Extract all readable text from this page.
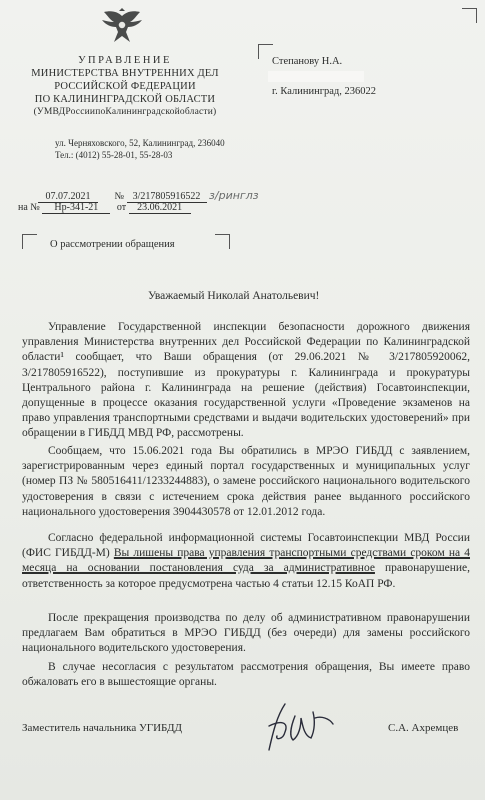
УПРАВЛЕНИЕ
МИНИСТЕРСТВА ВНУТРЕННИХ ДЕЛ
РОССИЙСКОЙ ФЕДЕРАЦИИ
ПО КАЛИНИНГРАДСКОЙ ОБЛАСТИ
(УМВДРоссиипоКалининградскойобласти)
ул. Черняховского, 52, Калининград, 236040
Тел.: (4012) 55-28-01, 55-28-03
Степанову Н.А.
г. Калининград, 236022
07.07.2021 № 3/217805916522 з/ринглз
на № Нр-341-21 от 23.06.2021
О рассмотрении обращения
Уважаемый Николай Анатольевич!
Управление Государственной инспекции безопасности дорожного движения управления Министерства внутренних дел Российской Федерации по Калининградской области¹ сообщает, что Ваши обращения (от 29.06.2021 № 3/217805920062, 3/217805916522), поступившие из прокуратуры г. Калининграда и прокуратуры Центрального района г. Калининграда на решение (действия) Госавтоинспекции, допущенные в процессе оказания государственной услуги «Проведение экзаменов на право управления транспортными средствами и выдачи водительских удостоверений» при обращении в ГИБДД МВД РФ, рассмотрены.
Сообщаем, что 15.06.2021 года Вы обратились в МРЭО ГИБДД с заявлением, зарегистрированным через единый портал государственных и муниципальных услуг (номер ПЗ № 580516411/1233244883), о замене российского национального водительского удостоверения в связи с истечением срока действия ранее выданного российского национального удостоверения 3904430578 от 12.01.2012 года.
Согласно федеральной информационной системы Госавтоинспекции МВД России (ФИС ГИБДД-М) Вы лишены права управления транспортными средствами сроком на 4 месяца на основании постановления суда за административное правонарушение, ответственность за которое предусмотрена частью 4 статьи 12.15 КоАП РФ.
После прекращения производства по делу об административном правонарушении предлагаем Вам обратиться в МРЭО ГИБДД (без очереди) для замены российского национального водительского удостоверения.
В случае несогласия с результатом рассмотрения обращения, Вы имеете право обжаловать его в вышестоящие органы.
Заместитель начальника УГИБДД	С.А. Ахремцев
